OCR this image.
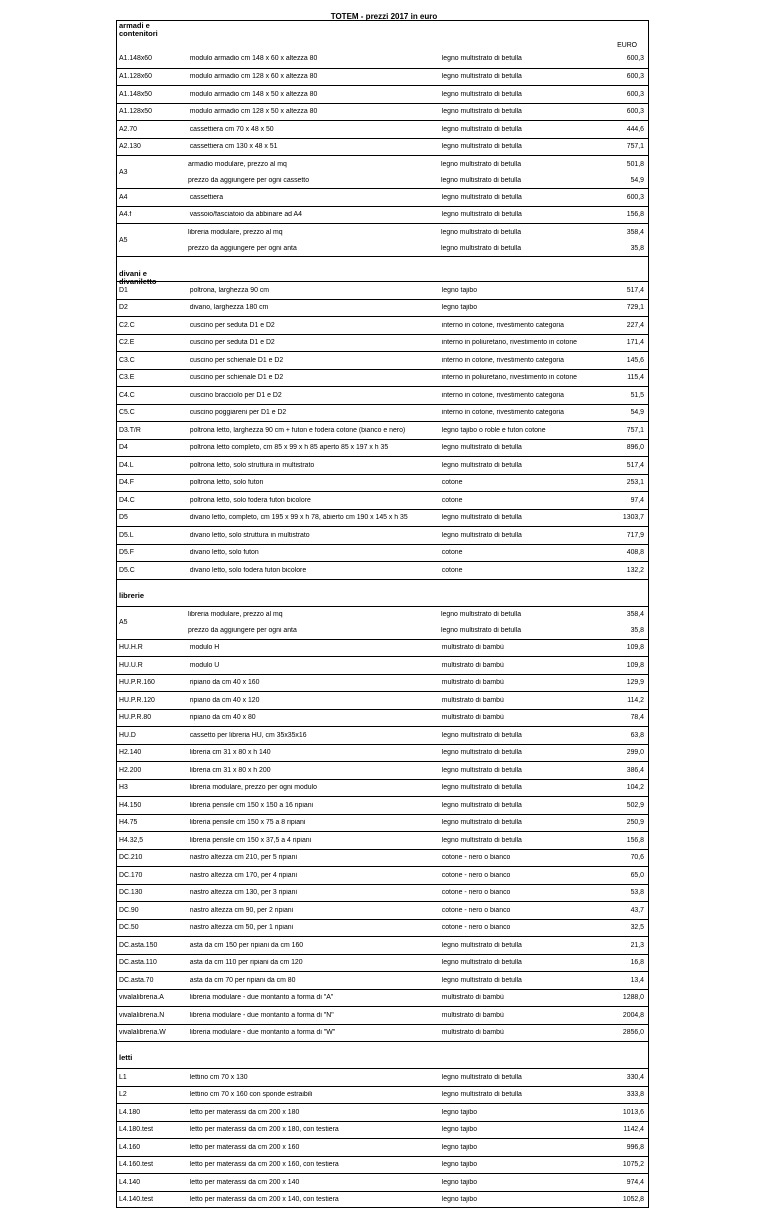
TOTEM - prezzi 2017 in euro
armadi e contenitori
EURO
A1.148x60	modulo armadio cm 148 x 60 x altezza 80	legno multistrato di betulla	600,3
A1.128x60	modulo armadio cm 128 x 60 x altezza 80	legno multistrato di betulla	600,3
A1.148x50	modulo armadio cm 148 x 50 x altezza 80	legno multistrato di betulla	600,3
A1.128x50	modulo armadio cm 128 x 50 x altezza 80	legno multistrato di betulla	600,3
A2.70	cassettiera cm 70 x 48 x 50	legno multistrato di betulla	444,6
A2.130	cassettiera cm 130 x 48 x 51	legno multistrato di betulla	757,1
A3
armadio modulare, prezzo al mq	legno multistrato di betulla	501,8
prezzo da aggiungere per ogni cassetto	legno multistrato di betulla	54,9
A4	cassettiera	legno multistrato di betulla	600,3
A4.f	vassoio/fasciatoio da abbinare ad A4	legno multistrato di betulla	156,8
A5
libreria modulare, prezzo al mq	legno multistrato di betulla	358,4
prezzo da aggiungere per ogni anta	legno multistrato di betulla	35,8
divani e divaniletto
D1	poltrona, larghezza 90 cm	legno tajibo	517,4
D2	divano, larghezza 180 cm	legno tajibo	729,1
C2.C	cuscino per seduta D1 e D2	interno in cotone, rivestimento categoria	227,4
C2.E	cuscino per seduta D1 e D2	interno in poliuretano, rivestimento in cotone	171,4
C3.C	cuscino per schienale D1 e D2	interno in cotone, rivestimento categoria	145,6
C3.E	cuscino per schienale D1 e D2	interno in poliuretano, rivestimento in cotone	115,4
C4.C	cuscino bracciolo per D1 e D2	interno in cotone, rivestimento categoria	51,5
C5.C	cuscino poggiareni per D1 e D2	interno in cotone, rivestimento categoria	54,9
D3.T/R	poltrona letto, larghezza 90 cm + futon e fodera cotone (bianco e nero)	legno tajibo o roble e futon cotone	757,1
D4	poltrona letto completo, cm 85 x 99 x h 85 aperto 85 x 197 x h 35	legno multistrato di betulla	896,0
D4.L	poltrona letto, solo struttura in multistrato	legno multistrato di betulla	517,4
D4.F	poltrona letto, solo futon	cotone	253,1
D4.C	poltrona letto, solo fodera futon bicolore	cotone	97,4
D5	divano letto, completo, cm 195 x 99 x h 78, abierto cm 190 x 145 x h 35	legno multistrato di betulla	1303,7
D5.L	divano letto, solo struttura in multistrato	legno multistrato di betulla	717,9
D5.F	divano letto, solo futon	cotone	408,8
D5.C	divano letto, solo fodera futon bicolore	cotone	132,2
librerie
A5
libreria modulare, prezzo al mq	legno multistrato di betulla	358,4
prezzo da aggiungere per ogni anta	legno multistrato di betulla	35,8
HU.H.R	modulo H	multistrato di bambù	109,8
HU.U.R	modulo U	multistrato di bambù	109,8
HU.P.R.160	ripiano da cm 40 x 160	multistrato di bambù	129,9
HU.P.R.120	ripiano da cm 40 x 120	multistrato di bambù	114,2
HU.P.R.80	ripiano da cm 40 x 80	multistrato di bambù	78,4
HU.D	cassetto per libreria HU, cm 35x35x16	legno multistrato di betulla	63,8
H2.140	libreria cm 31 x 80 x h 140	legno multistrato di betulla	299,0
H2.200	libreria cm 31 x 80 x h 200	legno multistrato di betulla	386,4
H3	libreria modulare, prezzo per ogni modulo	legno multistrato di betulla	104,2
H4.150	libreria pensile cm 150 x 150 a 16 ripiani	legno multistrato di betulla	502,9
H4.75	libreria pensile cm 150 x 75 a 8 ripiani	legno multistrato di betulla	250,9
H4.32,5	libreria pensile cm 150 x 37,5 a 4 ripiani	legno multistrato di betulla	156,8
DC.210	nastro altezza cm 210, per 5 ripiani	cotone - nero o bianco	70,6
DC.170	nastro altezza cm 170, per 4 ripiani	cotone - nero o bianco	65,0
DC.130	nastro altezza cm 130, per 3 ripiani	cotone - nero o bianco	53,8
DC.90	nastro altezza cm 90, per 2 ripiani	cotone - nero o bianco	43,7
DC.50	nastro altezza cm 50, per 1 ripiani	cotone - nero o bianco	32,5
DC.asta.150	asta da cm 150 per ripiani da cm 160	legno multistrato di betulla	21,3
DC.asta.110	asta da cm 110 per ripiani da cm 120	legno multistrato di betulla	16,8
DC.asta.70	asta da cm 70 per ripiani da cm 80	legno multistrato di betulla	13,4
vivalalibreria.A	libreria modulare - due montanto a forma di "A"	multistrato di bambù	1288,0
vivalalibreria.N	libreria modulare - due montanto a forma di "N"	multistrato di bambù	2004,8
vivalalibreria.W	libreria modulare - due montanto a forma di "W"	multistrato di bambù	2856,0
letti
L1	lettino cm 70 x 130	legno multistrato di betulla	330,4
L2	lettino cm 70 x 160 con sponde estraibili	legno multistrato di betulla	333,8
L4.180	letto per materassi da cm 200 x 180	legno tajibo	1013,6
L4.180.test	letto per materassi da cm 200 x 180, con testiera	legno tajibo	1142,4
L4.160	letto per materassi da cm 200 x 160	legno tajibo	996,8
L4.160.test	letto per materassi da cm 200 x 160, con testiera	legno tajibo	1075,2
L4.140	letto per materassi da cm 200 x 140	legno tajibo	974,4
L4.140.test	letto per materassi da cm 200 x 140, con testiera	legno tajibo	1052,8
